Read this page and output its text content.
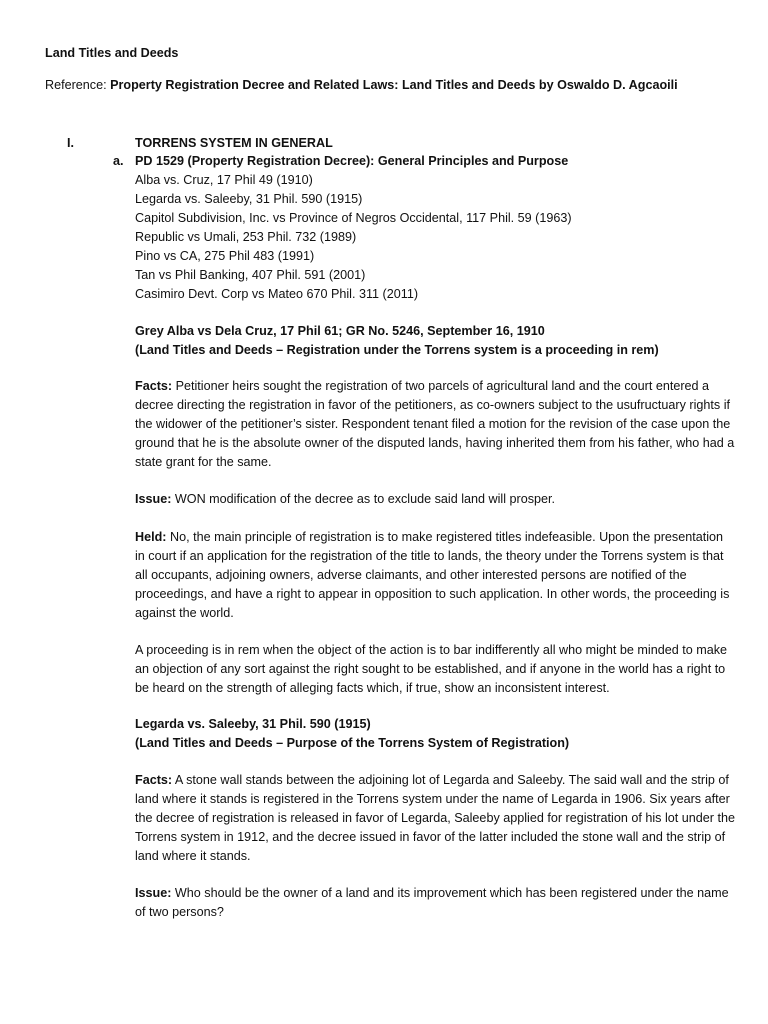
Land Titles and Deeds
Reference: Property Registration Decree and Related Laws: Land Titles and Deeds by Oswaldo D. Agcaoili
I.	TORRENS SYSTEM IN GENERAL
a. PD 1529 (Property Registration Decree): General Principles and Purpose
Alba vs. Cruz, 17 Phil 49 (1910)
Legarda vs. Saleeby, 31 Phil. 590 (1915)
Capitol Subdivision, Inc. vs Province of Negros Occidental, 117 Phil. 59 (1963)
Republic vs Umali, 253 Phil. 732 (1989)
Pino vs CA, 275 Phil 483 (1991)
Tan vs Phil Banking, 407 Phil. 591 (2001)
Casimiro Devt. Corp vs Mateo 670 Phil. 311 (2011)
Grey Alba vs Dela Cruz, 17 Phil 61; GR No. 5246, September 16, 1910
(Land Titles and Deeds – Registration under the Torrens system is a proceeding in rem)

Facts: Petitioner heirs sought the registration of two parcels of agricultural land and the court entered a decree directing the registration in favor of the petitioners, as co-owners subject to the usufructuary rights if the widower of the petitioner’s sister. Respondent tenant filed a motion for the revision of the case upon the ground that he is the absolute owner of the disputed lands, having inherited them from his father, who had a state grant for the same.

Issue: WON modification of the decree as to exclude said land will prosper.

Held: No, the main principle of registration is to make registered titles indefeasible. Upon the presentation in court if an application for the registration of the title to lands, the theory under the Torrens system is that all occupants, adjoining owners, adverse claimants, and other interested persons are notified of the proceedings, and have a right to appear in opposition to such application. In other words, the proceeding is against the world.

A proceeding is in rem when the object of the action is to bar indifferently all who might be minded to make an objection of any sort against the right sought to be established, and if anyone in the world has a right to be heard on the strength of alleging facts which, if true, show an inconsistent interest.

Legarda vs. Saleeby, 31 Phil. 590 (1915)
(Land Titles and Deeds – Purpose of the Torrens System of Registration)

Facts: A stone wall stands between the adjoining lot of Legarda and Saleeby. The said wall and the strip of land where it stands is registered in the Torrens system under the name of Legarda in 1906. Six years after the decree of registration is released in favor of Legarda, Saleeby applied for registration of his lot under the Torrens system in 1912, and the decree issued in favor of the latter included the stone wall and the strip of land where it stands.

Issue: Who should be the owner of a land and its improvement which has been registered under the name of two persons?
